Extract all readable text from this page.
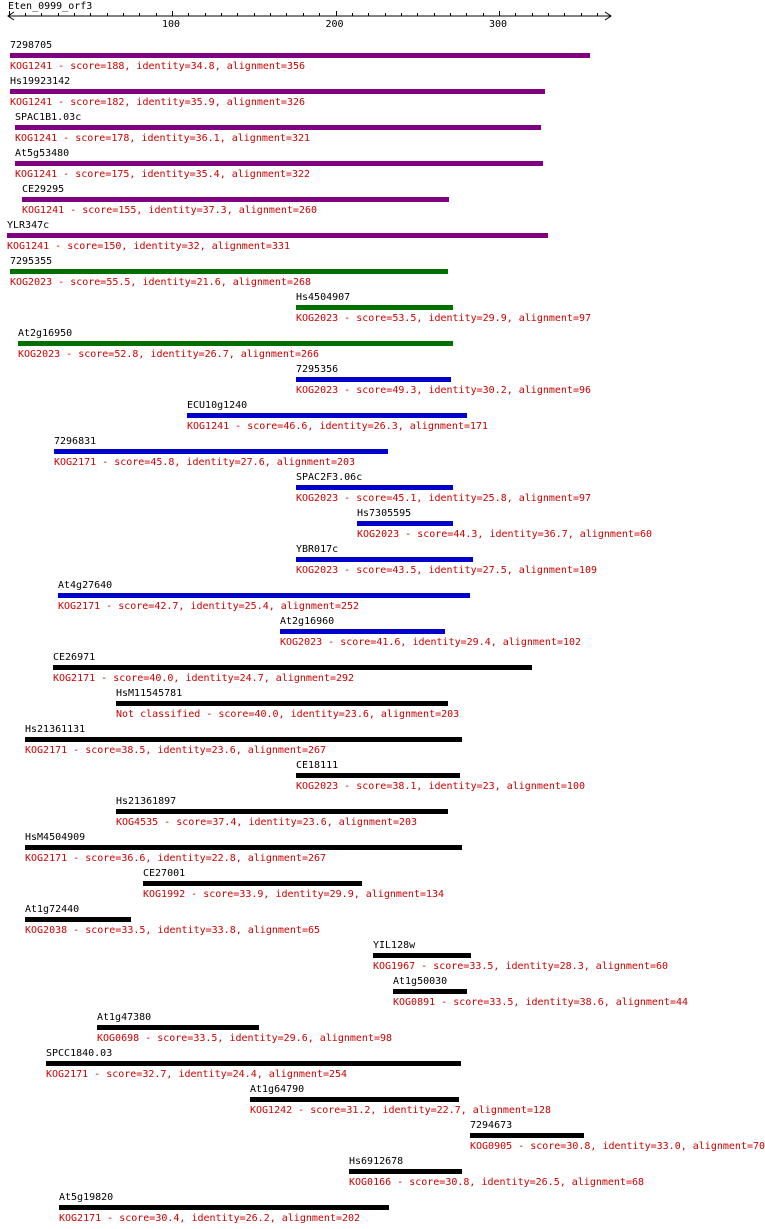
Eten_0999_orf3
7298705
KOG1241 - score=188, identity=34.8, alignment=356
Hs19923142
KOG1241 - score=182, identity=35.9, alignment=326
SPAC1B1.03c
KOG1241 - score=178, identity=36.1, alignment=321
At5g53480
KOG1241 - score=175, identity=35.4, alignment=322
CE29295
KOG1241 - score=155, identity=37.3, alignment=260
YLR347c
KOG1241 - score=150, identity=32, alignment=331
7295355
KOG2023 - score=55.5, identity=21.6, alignment=268
Hs4504907
KOG2023 - score=53.5, identity=29.9, alignment=97
At2g16950
KOG2023 - score=52.8, identity=26.7, alignment=266
7295356
KOG2023 - score=49.3, identity=30.2, alignment=96
ECU10g1240
KOG1241 - score=46.6, identity=26.3, alignment=171
7296831
KOG2171 - score=45.8, identity=27.6, alignment=203
SPAC2F3.06c
KOG2023 - score=45.1, identity=25.8, alignment=97
Hs7305595
KOG2023 - score=44.3, identity=36.7, alignment=60
YBR017c
KOG2023 - score=43.5, identity=27.5, alignment=109
At4g27640
KOG2171 - score=42.7, identity=25.4, alignment=252
At2g16960
KOG2023 - score=41.6, identity=29.4, alignment=102
CE26971
KOG2171 - score=40.0, identity=24.7, alignment=292
HsM11545781
Not classified - score=40.0, identity=23.6, alignment=203
Hs21361131
KOG2171 - score=38.5, identity=23.6, alignment=267
CE18111
KOG2023 - score=38.1, identity=23, alignment=100
Hs21361897
KOG4535 - score=37.4, identity=23.6, alignment=203
HsM4504909
KOG2171 - score=36.6, identity=22.8, alignment=267
CE27001
KOG1992 - score=33.9, identity=29.9, alignment=134
At1g72440
KOG2038 - score=33.5, identity=33.8, alignment=65
YIL128w
KOG1967 - score=33.5, identity=28.3, alignment=60
At1g50030
KOG0891 - score=33.5, identity=38.6, alignment=44
At1g47380
KOG0698 - score=33.5, identity=29.6, alignment=98
SPCC1840.03
KOG2171 - score=32.7, identity=24.4, alignment=254
At1g64790
KOG1242 - score=31.2, identity=22.7, alignment=128
7294673
KOG0905 - score=30.8, identity=33.0, alignment=70
Hs6912678
KOG0166 - score=30.8, identity=26.5, alignment=68
At5g19820
KOG2171 - score=30.4, identity=26.2, alignment=202
100	200	300
